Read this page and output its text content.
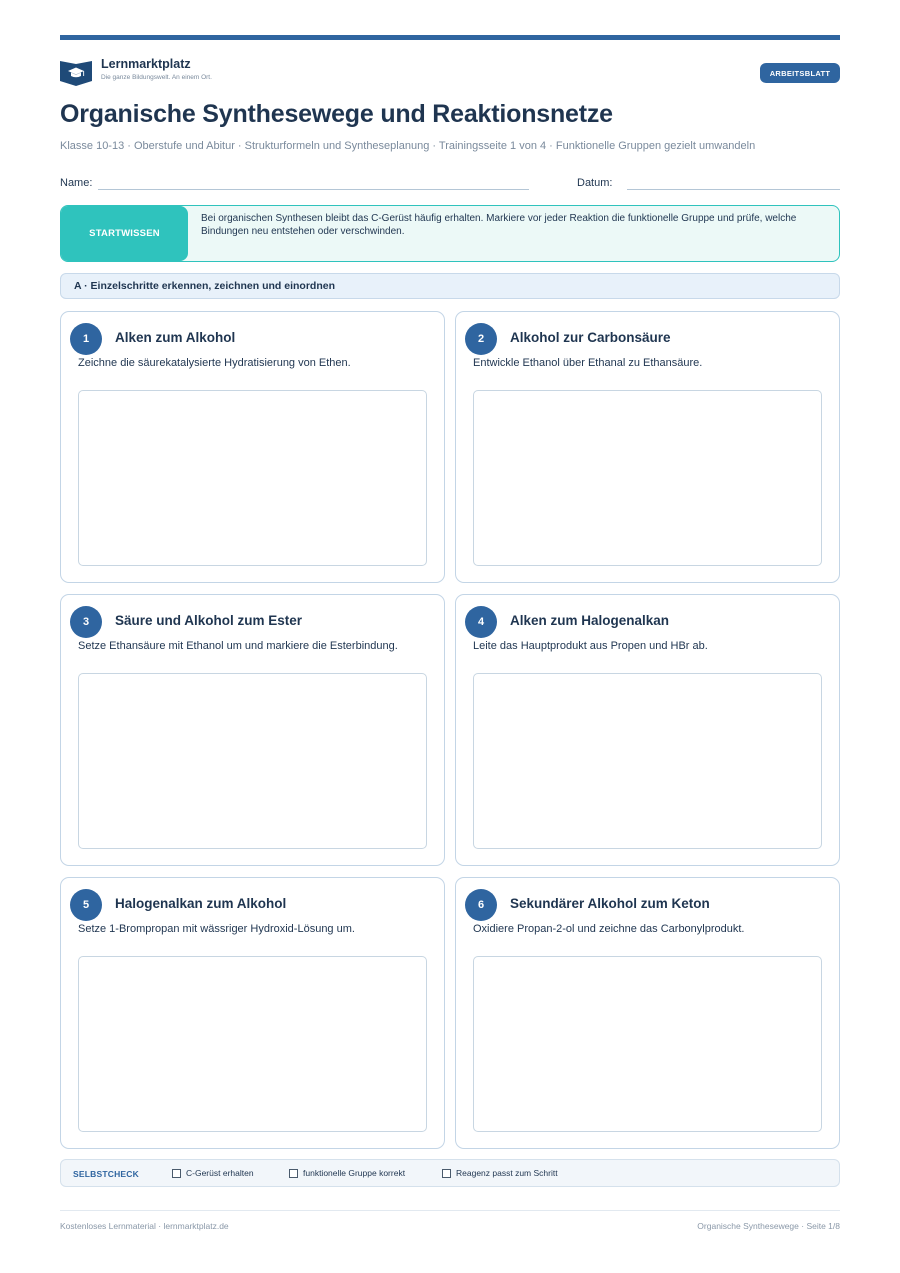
Lernmarktplatz
Die ganze Bildungswelt. An einem Ort.	ARBEITSBLATT
Organische Synthesewege und Reaktionsnetze
Klasse 10-13 · Oberstufe und Abitur · Strukturformeln und Syntheseplanung · Trainingsseite 1 von 4 · Funktionelle Gruppen gezielt umwandeln
Name:	Datum:
STARTWISSEN
Bei organischen Synthesen bleibt das C-Gerüst häufig erhalten. Markiere vor jeder Reaktion die funktionelle Gruppe und prüfe, welche Bindungen neu entstehen oder verschwinden.
A · Einzelschritte erkennen, zeichnen und einordnen
1	Alken zum Alkohol
Zeichne die säurekatalysierte Hydratisierung von Ethen.
2	Alkohol zur Carbonsäure
Entwickle Ethanol über Ethanal zu Ethansäure.
3	Säure und Alkohol zum Ester
Setze Ethansäure mit Ethanol um und markiere die Esterbindung.
4	Alken zum Halogenalkan
Leite das Hauptprodukt aus Propen und HBr ab.
5	Halogenalkan zum Alkohol
Setze 1-Brompropan mit wässriger Hydroxid-Lösung um.
6	Sekundärer Alkohol zum Keton
Oxidiere Propan-2-ol und zeichne das Carbonylprodukt.
SELBSTCHECK	C-Gerüst erhalten	funktionelle Gruppe korrekt	Reagenz passt zum Schritt
Kostenloses Lernmaterial · lernmarktplatz.de	Organische Synthesewege · Seite 1/8
